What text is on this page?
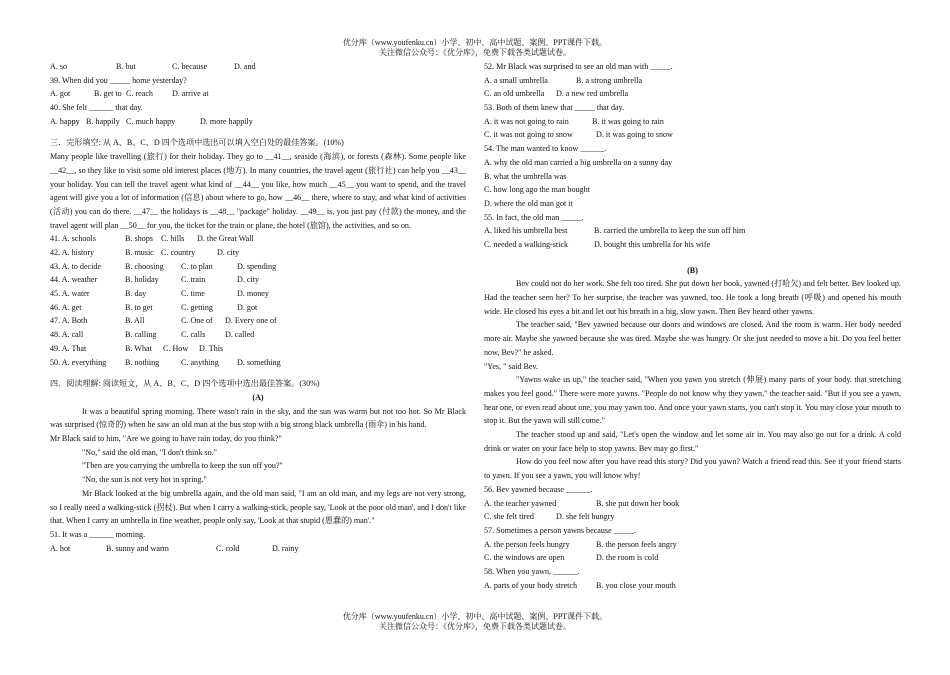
优分库（www.youfenku.cn）小学、初中、高中试题、案例、PPT课件下载。
关注微信公众号：《优分库》，免费下载各类试题试卷。
A. so	B. but	C. because	D. and
39. When did you _____ home yesterday?
A. got	B. get to C. reach D. arrive at
40. She felt ______ that day.
A. happy B. happily C. much happy	D. more happily
三．完形填空: 从 A、B、C、D 四个选项中选出可以填入空白处的最佳答案。(10%)
Many people like travelling (旅行) for their holiday. They go to __41__, seaside (海滨), or forests (森林). Some people like __42__, so they like to visit some old interest places (地方). In many countries, the travel agent (旅行社) can help you __43__ your holiday. You can tell the travel agent what kind of __44__ you like, how much __45__ you want to spend, and the travel agent will give you a lot of information (信息) about where to go, how __46__ there, where to stay, and what kind of activities (活动) you can do there. __47__ the holidays is __48__ "package" holiday. __49__ is, you just pay (付款) the money, and the travel agent will plan __50__ for you, the ticket for the train or plane, the hotel (旅馆), the activities, and so on.
41. A. schools	B. shops C. hills D. the Great Wall
42. A. history	B. music C. country	D. city
43. A. to decide	B. choosing C. to plan	D. spending
44. A. weather	B. holiday	C. train	D. city
45. A. water	B. day	C. time	D. money
46. A. get	B. to get	C. getting	D. got
47. A. Both	B. All	C. One of D. Every one of
48. A. call	B. calling	C. calls D. called
49. A. That	B. What C. How D. This
50. A. everything B. nothing	C. anything D. something
四．阅读理解: 阅读短文，从 A、B、C、D 四个选项中选出最佳答案。(30%)
(A)
It was a beautiful spring morning. There wasn't rain in the sky, and the sun was warm but not too hot. So Mr Black was surprised (惊奇的) when he saw an old man at the bus stop with a big strong black umbrella (雨伞) in his hand.
Mr Black said to him, "Are we going to have rain today, do you think?"
"No," said the old man, "I don't think so."
"Then are you carrying the umbrella to keep the sun off you?"
"No, the sun is not very hot in spring."
Mr Black looked at the big umbrella again, and the old man said, "I am an old man, and my legs are not very strong, so I really need a walking-stick (拐杖). But when I carry a walking-stick, people say, 'Look at the poor old man', and I don't like that. When I carry an umbrella in fine weather, people only say, 'Look at that stupid (愚蠢的) man'."
51. It was a ______ morning.
A. hot	B. sunny and warm	C. cold	D. rainy
52. Mr Black was surprised to see an old man with _____.
A. a small umbrella	B. a strong umbrella
C. an old umbrella D. a new red umbrella
53. Both of them knew that _____ that day.
A. it was not going to rain	B. it was going to rain
C. it was not going to snow	D. it was going to snow
54. The man wanted to know ______.
A. why the old man carried a big umbrella on a sunny day
B. what the umbrella was
C. how long ago the man bought
D. where the old man got it
55. In fact, the old man _____.
A. liked his umbrella best	B. carried the umbrella to keep the sun off him
C. needed a walking-stick	D. bought this umbrella for his wife
(B)
Bev could not do her work. She felt too tired. She put down her book, yawned (打哈欠) and felt better. Bev looked up. Had the teacher seen her? To her surprise, the teacher was yawned, too. He took a long breath (呼吸) and opened his mouth wide. He closed his eyes a bit and let out his breath in a big, slow yawn. Then Bev heard other yawns.
The teacher said, "Bev yawned because our doors and windows are closed. And the room is warm. Her body needed more air. Maybe she yawned because she was tired. Maybe she was hungry. Or she just needed to move a bit. Do you feel better now, Bev?" he asked.
"Yes, " said Bev.
"Yawns wake us up," the teacher said, "When you yawn you stretch (伸展) many parts of your body. that stretching makes you feel good." There were more yawns. "People do not know why they yawn," the teacher said. "But if you see a yawn, hear one, or even read about one, you may yawn too. And once your yawn starts, you can't stop it. You may close your mouth to stop it. But the yawn will still come."
The teacher stood up and said, "Let's open the window and let some air in. You may also go out for a drink. A cold drink or water on your face help to stop yawns. Bev may go first."
How do you feel now after you have read this story? Did you yawn? Watch a friend read this. See if your friend starts to yawn. If you see a yawn, you will know why!
56. Bev yawned because ______.
A. the teacher yawned	B. she put down her book
C. she felt tired	D. she felt hungry
57. Sometimes a person yawns because _____.
A. the person feels hungry	B. the person feels angry
C. the windows are open	D. the room is cold
58. When you yawn, ______.
A. parts of your body stretch B. you close your mouth
优分库（www.youfenku.cn）小学、初中、高中试题、案例、PPT课件下载。
关注微信公众号：《优分库》，免费下载各类试题试卷。
